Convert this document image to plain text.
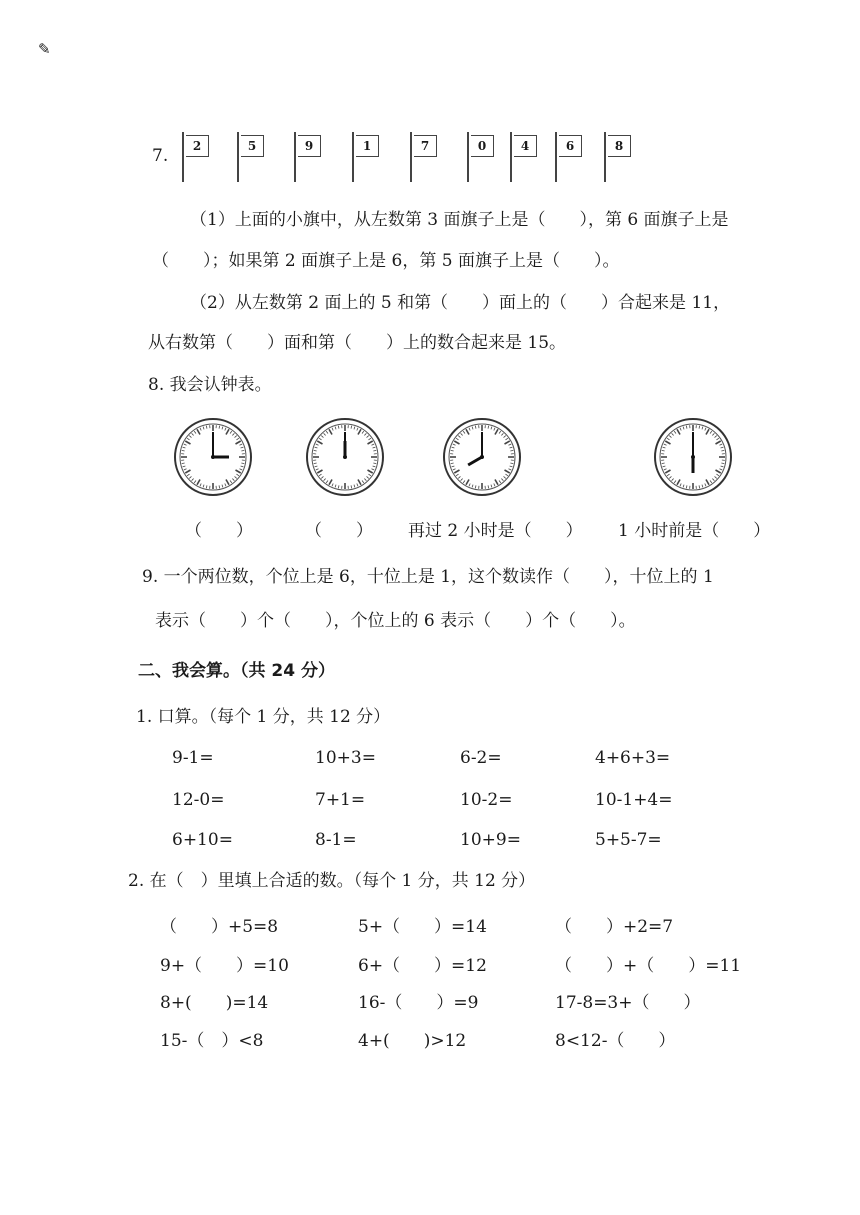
✎
7.	2	5	9	1	7	0	4	6	8
（1）上面的小旗中，从左数第 3 面旗子上是（　　），第 6 面旗子上是
（　　）；如果第 2 面旗子上是 6，第 5 面旗子上是（　　）。
（2）从左数第 2 面上的 5 和第（　　）面上的（　　）合起来是 11，
从右数第（　　）面和第（　　）上的数合起来是 15。
8. 我会认钟表。
（　　）	（　　） 再过 2 小时是（　　） 1 小时前是（　　）
9. 一个两位数，个位上是 6，十位上是 1，这个数读作（　　），十位上的 1
表示（　　）个（　　），个位上的 6 表示（　　）个（　　）。
二、我会算。（共 24 分）
1. 口算。（每个 1 分，共 12 分）
2. 在（　）里填上合适的数。（每个 1 分，共 12 分）
9-1=	10+3=	6-2=	4+6+3=
12-0=	7+1=	10-2=	10-1+4=
6+10=	8-1=	10+9=	5+5-7=
（　　）+5=8	5+（　　）=14	（　　）+2=7
9+（　　）=10	6+（　　）=12	（　　）+（　　）=11
8+(　　)=14	16-（　　）=9	17-8=3+（　　）
15-（　）<8	4+(　　)>12	8<12-（　　）
